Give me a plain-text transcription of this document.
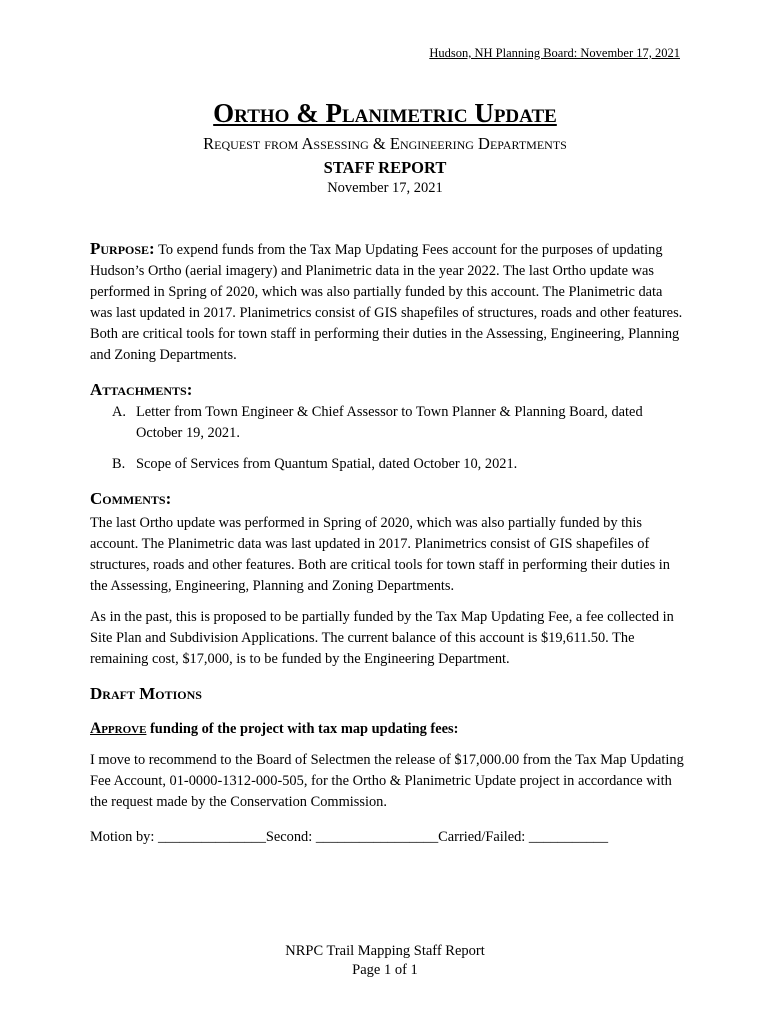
Hudson, NH Planning Board: November 17, 2021
Ortho & Planimetric Update
Request from Assessing & Engineering Departments
STAFF REPORT
November 17, 2021

Purpose: To expend funds from the Tax Map Updating Fees account for the purposes of updating Hudson’s Ortho (aerial imagery) and Planimetric data in the year 2022. The last Ortho update was performed in Spring of 2020, which was also partially funded by this account. The Planimetric data was last updated in 2017. Planimetrics consist of GIS shapefiles of structures, roads and other features. Both are critical tools for town staff in performing their duties in the Assessing, Engineering, Planning and Zoning Departments.

Attachments:

A. Letter from Town Engineer & Chief Assessor to Town Planner & Planning Board, dated October 19, 2021.
B. Scope of Services from Quantum Spatial, dated October 10, 2021.

Comments:

The last Ortho update was performed in Spring of 2020, which was also partially funded by this account. The Planimetric data was last updated in 2017. Planimetrics consist of GIS shapefiles of structures, roads and other features. Both are critical tools for town staff in performing their duties in the Assessing, Engineering, Planning and Zoning Departments.

As in the past, this is proposed to be partially funded by the Tax Map Updating Fee, a fee collected in Site Plan and Subdivision Applications. The current balance of this account is $19,611.50. The remaining cost, $17,000, is to be funded by the Engineering Department.

Draft Motions

Approve funding of the project with tax map updating fees:

I move to recommend to the Board of Selectmen the release of $17,000.00 from the Tax Map Updating Fee Account, 01-0000-1312-000-505, for the Ortho & Planimetric Update project in accordance with the request made by the Conservation Commission.

Motion by: _______________Second: _________________Carried/Failed: ___________

NRPC Trail Mapping Staff Report
Page 1 of 1
